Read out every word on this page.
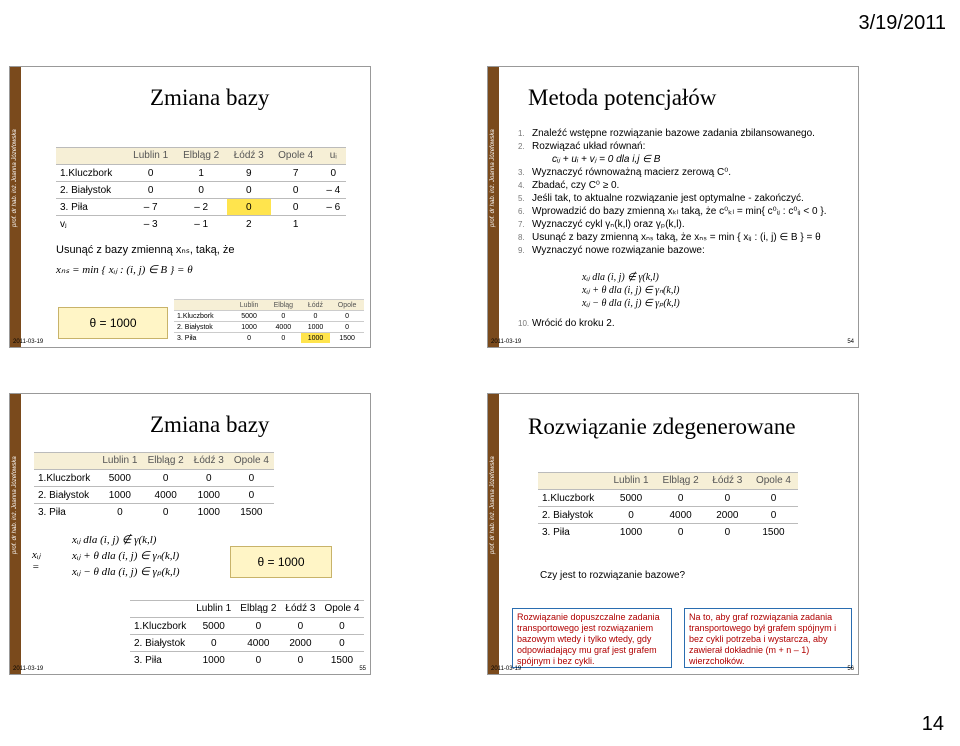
3/19/2011
prof. dr hab. inż. Joanna Józefowska
Zmiana bazy
	Lublin 1	Elbląg 2	Łódź 3	Opole 4	uᵢ
1.Kluczbork	0	1	9	7	0
2. Białystok	0	0	0	0	– 4
3. Piła	– 7	– 2	0	0	– 6
vⱼ	– 3	– 1	2	1	
Usunąć z bazy zmienną xₙₛ, taką, że
xₙₛ = min { xᵢⱼ : (i, j) ∈ B } = θ
θ = 1000
	Lublin	Elbląg	Łódź	Opole
1.Kluczbork	5000	0	0	0
2. Białystok	1000	4000	1000	0
3. Piła	0	0	1000	1500
2011-03-19
prof. dr hab. inż. Joanna Józefowska
Metoda potencjałów
1. Znaleźć wstępne rozwiązanie bazowe zadania zbilansowanego.
2. Rozwiązać układ równań:
cᵢⱼ + uᵢ + vⱼ = 0 dla i,j ∈ B
3. Wyznaczyć równoważną macierz zerową C⁰.
4. Zbadać, czy C⁰ ≥ 0.
5. Jeśli tak, to aktualne rozwiązanie jest optymalne - zakończyć.
6. Wprowadzić do bazy zmienną xₖₗ taką, że c⁰ₖₗ = min{ c⁰ᵢⱼ : c⁰ᵢⱼ < 0 }.
7. Wyznaczyć cykl γₙ(k,l) oraz γₚ(k,l).
8. Usunąć z bazy zmienną xₙₛ taką, że xₙₛ = min { xᵢⱼ : (i, j) ∈ B } = θ
9. Wyznaczyć nowe rozwiązanie bazowe:
xᵢⱼ dla (i, j) ∉ γ(k,l)
xᵢⱼ + θ dla (i, j) ∈ γₙ(k,l)
xᵢⱼ − θ dla (i, j) ∈ γₚ(k,l)
10. Wrócić do kroku 2.
2011-03-19	54
prof. dr hab. inż. Joanna Józefowska
Zmiana bazy
	Lublin 1	Elbląg 2	Łódź 3	Opole 4
1.Kluczbork	5000	0	0	0
2. Białystok	1000	4000	1000	0
3. Piła	0	0	1000	1500
xᵢⱼ =
xᵢⱼ dla (i, j) ∉ γ(k,l)
xᵢⱼ + θ dla (i, j) ∈ γₙ(k,l)
xᵢⱼ − θ dla (i, j) ∈ γₚ(k,l)
θ = 1000
	Lublin 1	Elbląg 2	Łódź 3	Opole 4
1.Kluczbork	5000	0	0	0
2. Białystok	0	4000	2000	0
3. Piła	1000	0	0	1500
2011-03-19	55
prof. dr hab. inż. Joanna Józefowska
Rozwiązanie zdegenerowane
	Lublin 1	Elbląg 2	Łódź 3	Opole 4
1.Kluczbork	5000	0	0	0
2. Białystok	0	4000	2000	0
3. Piła	1000	0	0	1500
Czy jest to rozwiązanie bazowe?
Rozwiązanie dopuszczalne zadania transportowego jest rozwiązaniem bazowym wtedy i tylko wtedy, gdy odpowiadający mu graf jest grafem spójnym i bez cykli.
Na to, aby graf rozwiązania zadania transportowego był grafem spójnym i bez cykli potrzeba i wystarcza, aby zawierał dokładnie (m + n – 1) wierzchołków.
2011-03-19	56
14
